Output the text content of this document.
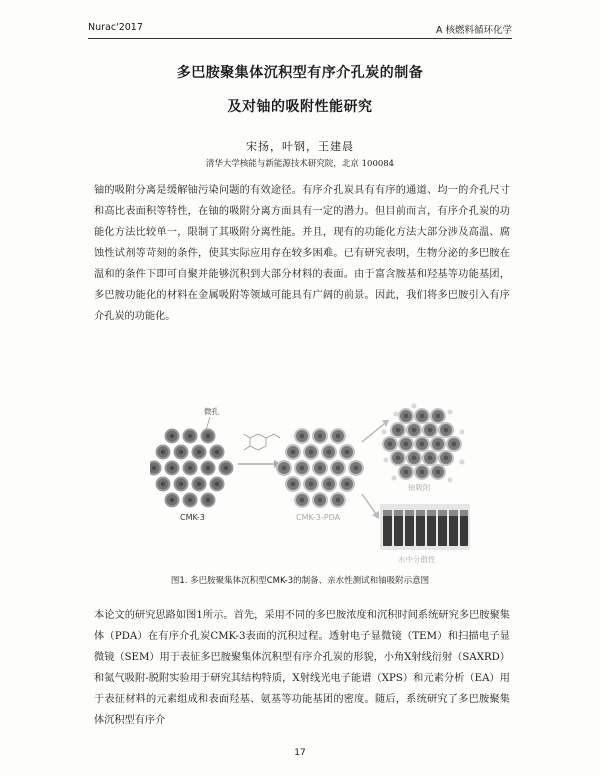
Nurac'2017	A 核燃料循环化学
多巴胺聚集体沉积型有序介孔炭的制备
及对铀的吸附性能研究
宋扬，叶钢，王建晨
清华大学核能与新能源技术研究院，北京 100084

铀的吸附分离是缓解铀污染问题的有效途径。有序介孔炭具有有序的通道、均一的介孔尺寸和高比表面积等特性，在铀的吸附分离方面具有一定的潜力。但目前而言，有序介孔炭的功能化方法比较单一，限制了其吸附分离性能。并且，现有的功能化方法大部分涉及高温、腐蚀性试剂等苛刻的条件，使其实际应用存在较多困难。已有研究表明，生物分泌的多巴胺在温和的条件下即可自聚并能够沉积到大部分材料的表面。由于富含胺基和羟基等功能基团，多巴胺功能化的材料在金属吸附等领域可能具有广阔的前景。因此，我们将多巴胺引入有序介孔炭的功能化。

CMK-3
微孔
CMK-3-PDA
铀吸附
水中分散性
图1. 多巴胺聚集体沉积型CMK-3的制备、亲水性测试和铀吸附示意图

本论文的研究思路如图1所示。首先，采用不同的多巴胺浓度和沉积时间系统研究多巴胺聚集体（PDA）在有序介孔炭CMK-3表面的沉积过程。透射电子显微镜（TEM）和扫描电子显微镜（SEM）用于表征多巴胺聚集体沉积型有序介孔炭的形貌，小角X射线衍射（SAXRD）和氮气吸附-脱附实验用于研究其结构特质，X射线光电子能谱（XPS）和元素分析（EA）用于表征材料的元素组成和表面羟基、氨基等功能基团的密度。随后，系统研究了多巴胺聚集体沉积型有序介

17
